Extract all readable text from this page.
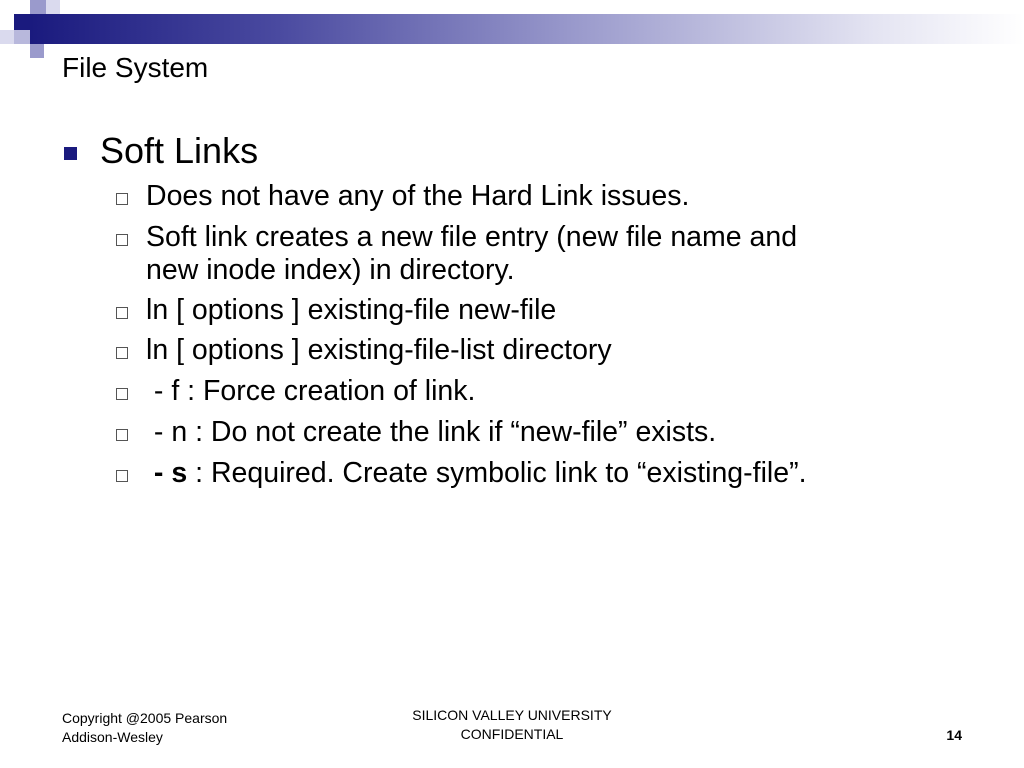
File System
Soft Links
Does not have any of the Hard Link issues.
Soft link creates a new file entry (new file name and
new inode index) in directory.
ln [ options ] existing-file new-file
ln [ options ] existing-file-list directory
- f : Force creation of link.
- n : Do not create the link if “new-file” exists.
- s : Required. Create symbolic link to “existing-file”.
Copyright @2005 Pearson
Addison-Wesley
SILICON VALLEY UNIVERSITY
CONFIDENTIAL	14
